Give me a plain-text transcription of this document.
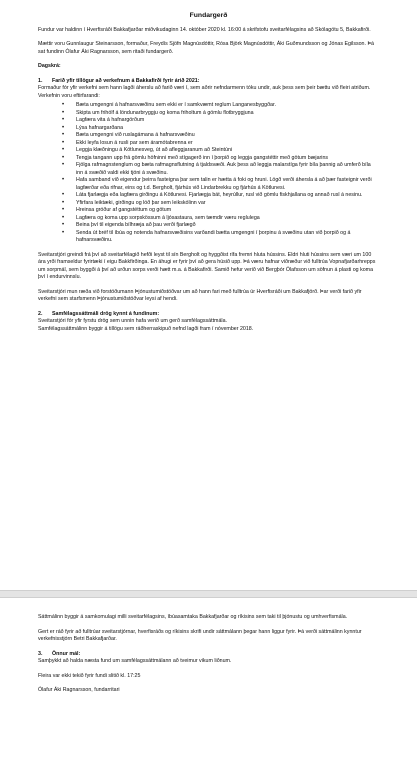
Fundargerð

Fundur var haldinn í Hverfisráði Bakkafjarðar miðvikudaginn 14. október 2020 kl. 16:00 á skrifstofu sveitarfélagsins að Skólagötu 5, Bakkafirði.

Mættir voru Gunnlaugur Steinarsson, formaður, Freydís Sjöfn Magnúsdóttir, Rósa Björk Magnúsdóttir, Áki Guðmundsson og Jónas Egilsson. Þá sat fundinn Ólafur Áki Ragnarsson, sem ritaði fundargerð.

Dagskrá:

1. Farið yfir tillögur að verkefnum á Bakkafirði fyrir árið 2021:

Formaður fór yfir verkefni sem hann lagði áherslu að farið væri í, sem aðrir nefndarmenn tóku undir, auk þess sem þeir bættu við fleiri atriðum. Verkefnin voru eftirfarandi:

• Bæta umgengni á hafnarsvæðinu sem ekki er í samkvæmt reglum Langanesbyggðar.
• Skipta um frihólf á löndunarbryggju og koma friholtum á gömlu flotbryggjuna
• Lagfæra vita á hafnargörðum
• Lýsa hafnargarðana
• Bæta umgengni við ruslagámana á hafnarsvæðinu
• Ekki leyfa losun á rusli par sem áramótabrenna er
• Leggja klæðningu á Kötlunesveg, út að afleggjaranum að Steintúni
• Tengja tangann upp frá gömlu höfninni með stígagerð inn í þorpið og leggja gangstéttir með götum bæjarins
• Fjölga rafmagnstenglum og bæta rafmagnsflutning á tjaldsvæði. Auk þess að leggja malarstíga fyrir bíla þannig að umferð bíla inn á svæðið valdi ekki tjóni á svæðinu.
• Hafa samband við eigendur þeirra fasteigna þar sem talin er hætta á foki og hruni. Lögð verði áhersla á að þær fasteignir verði lagfærðar eða rifnar, eins og t.d. Bergholt, fjárhús við Lindarbrekku og fjárhús á Kötlunesi.
• Láta fjarlægja eða lagfæra girðingu á Kötlunesi. Fjarlægja bát, heyrúllur, rusl við gömlu fiskhjallana og annað rusl á nesinu.
• Yfirfara leiktæki, girðingu og lóð þar sem leikskólinn var
• Hreinsa gróður af gangstéttum og götum
• Lagfæra og koma upp sorpskössum á ljósastaura, sem tæmdir væru reglulega
• Beina því til eigenda bílhræja að þau verði fjarlægð
• Senda út bréf til íbúa og notenda hafnarsvæðisins varðandi bætta umgengni í þorpinu á svæðinu utan við þorpið og á hafnarsvæðinu.

Sveitarstjóri greindi frá því að sveitarfélagið hefði leyst til sín Bergholt og hyggðist rífa fremri hluta hússins. Eldri hluti hússins sem væri um 100 ára yrði framseldur fyrirtæki í eigu Bakkfirðinga. En áhugi er fyrir því að gera húsið upp. Þá væru hafnar viðræður við fulltrúa Vopnafjarðarhrepps um sorpmál, sem byggði á því að urðun sorps verði hætt m.a. á Bakkafirði. Samið hefur verið við Bergþór Ólafsson um söfnun á plasti og koma því í endurvinnslu.

Sveitarstjóri mun ræða við forstöðumann Þjónustumiðstöðvar um að hann fari með fulltrúa úr Hverfisráði um Bakkafjörð. Þar verði farið yfir verkefni sem starfsmenn Þjónustumiðstöðvar leysi af hendi.

2. Samfélagssáttmáli drög kynnt á fundinum:

Sveitarstjóri fór yfir fyrstu drög sem unnin hafa verið um gerð samfélagssáttmála.

Samfélagssáttmálinn byggir á tillögu sem ráðherraskipuð nefnd lagði fram í nóvember 2018.

Sáttmálinn byggir á samkomulagi milli sveitarfélagsins, íbúasamtaka Bakkafjarðar og ríkisins sem taki til þjónustu og umhverfismála.

Gert er ráð fyrir að fulltrúar sveitarstjórnar, hverfisráðs og ríkisins skrifi undir sáttmálann þegar hann liggur fyrir. Þá verði sáttmálinn kynntur verkefnisstjórn Betri Bakkafjarðar.

3. Önnur mál:

Samþykkt að halda næsta fund um samfélagssáttmálann að tveimur vikum liðnum.

Fleira var ekki tekið fyrir fundi slitið kl. 17:25

Ólafur Áki Ragnarsson, fundarritari
